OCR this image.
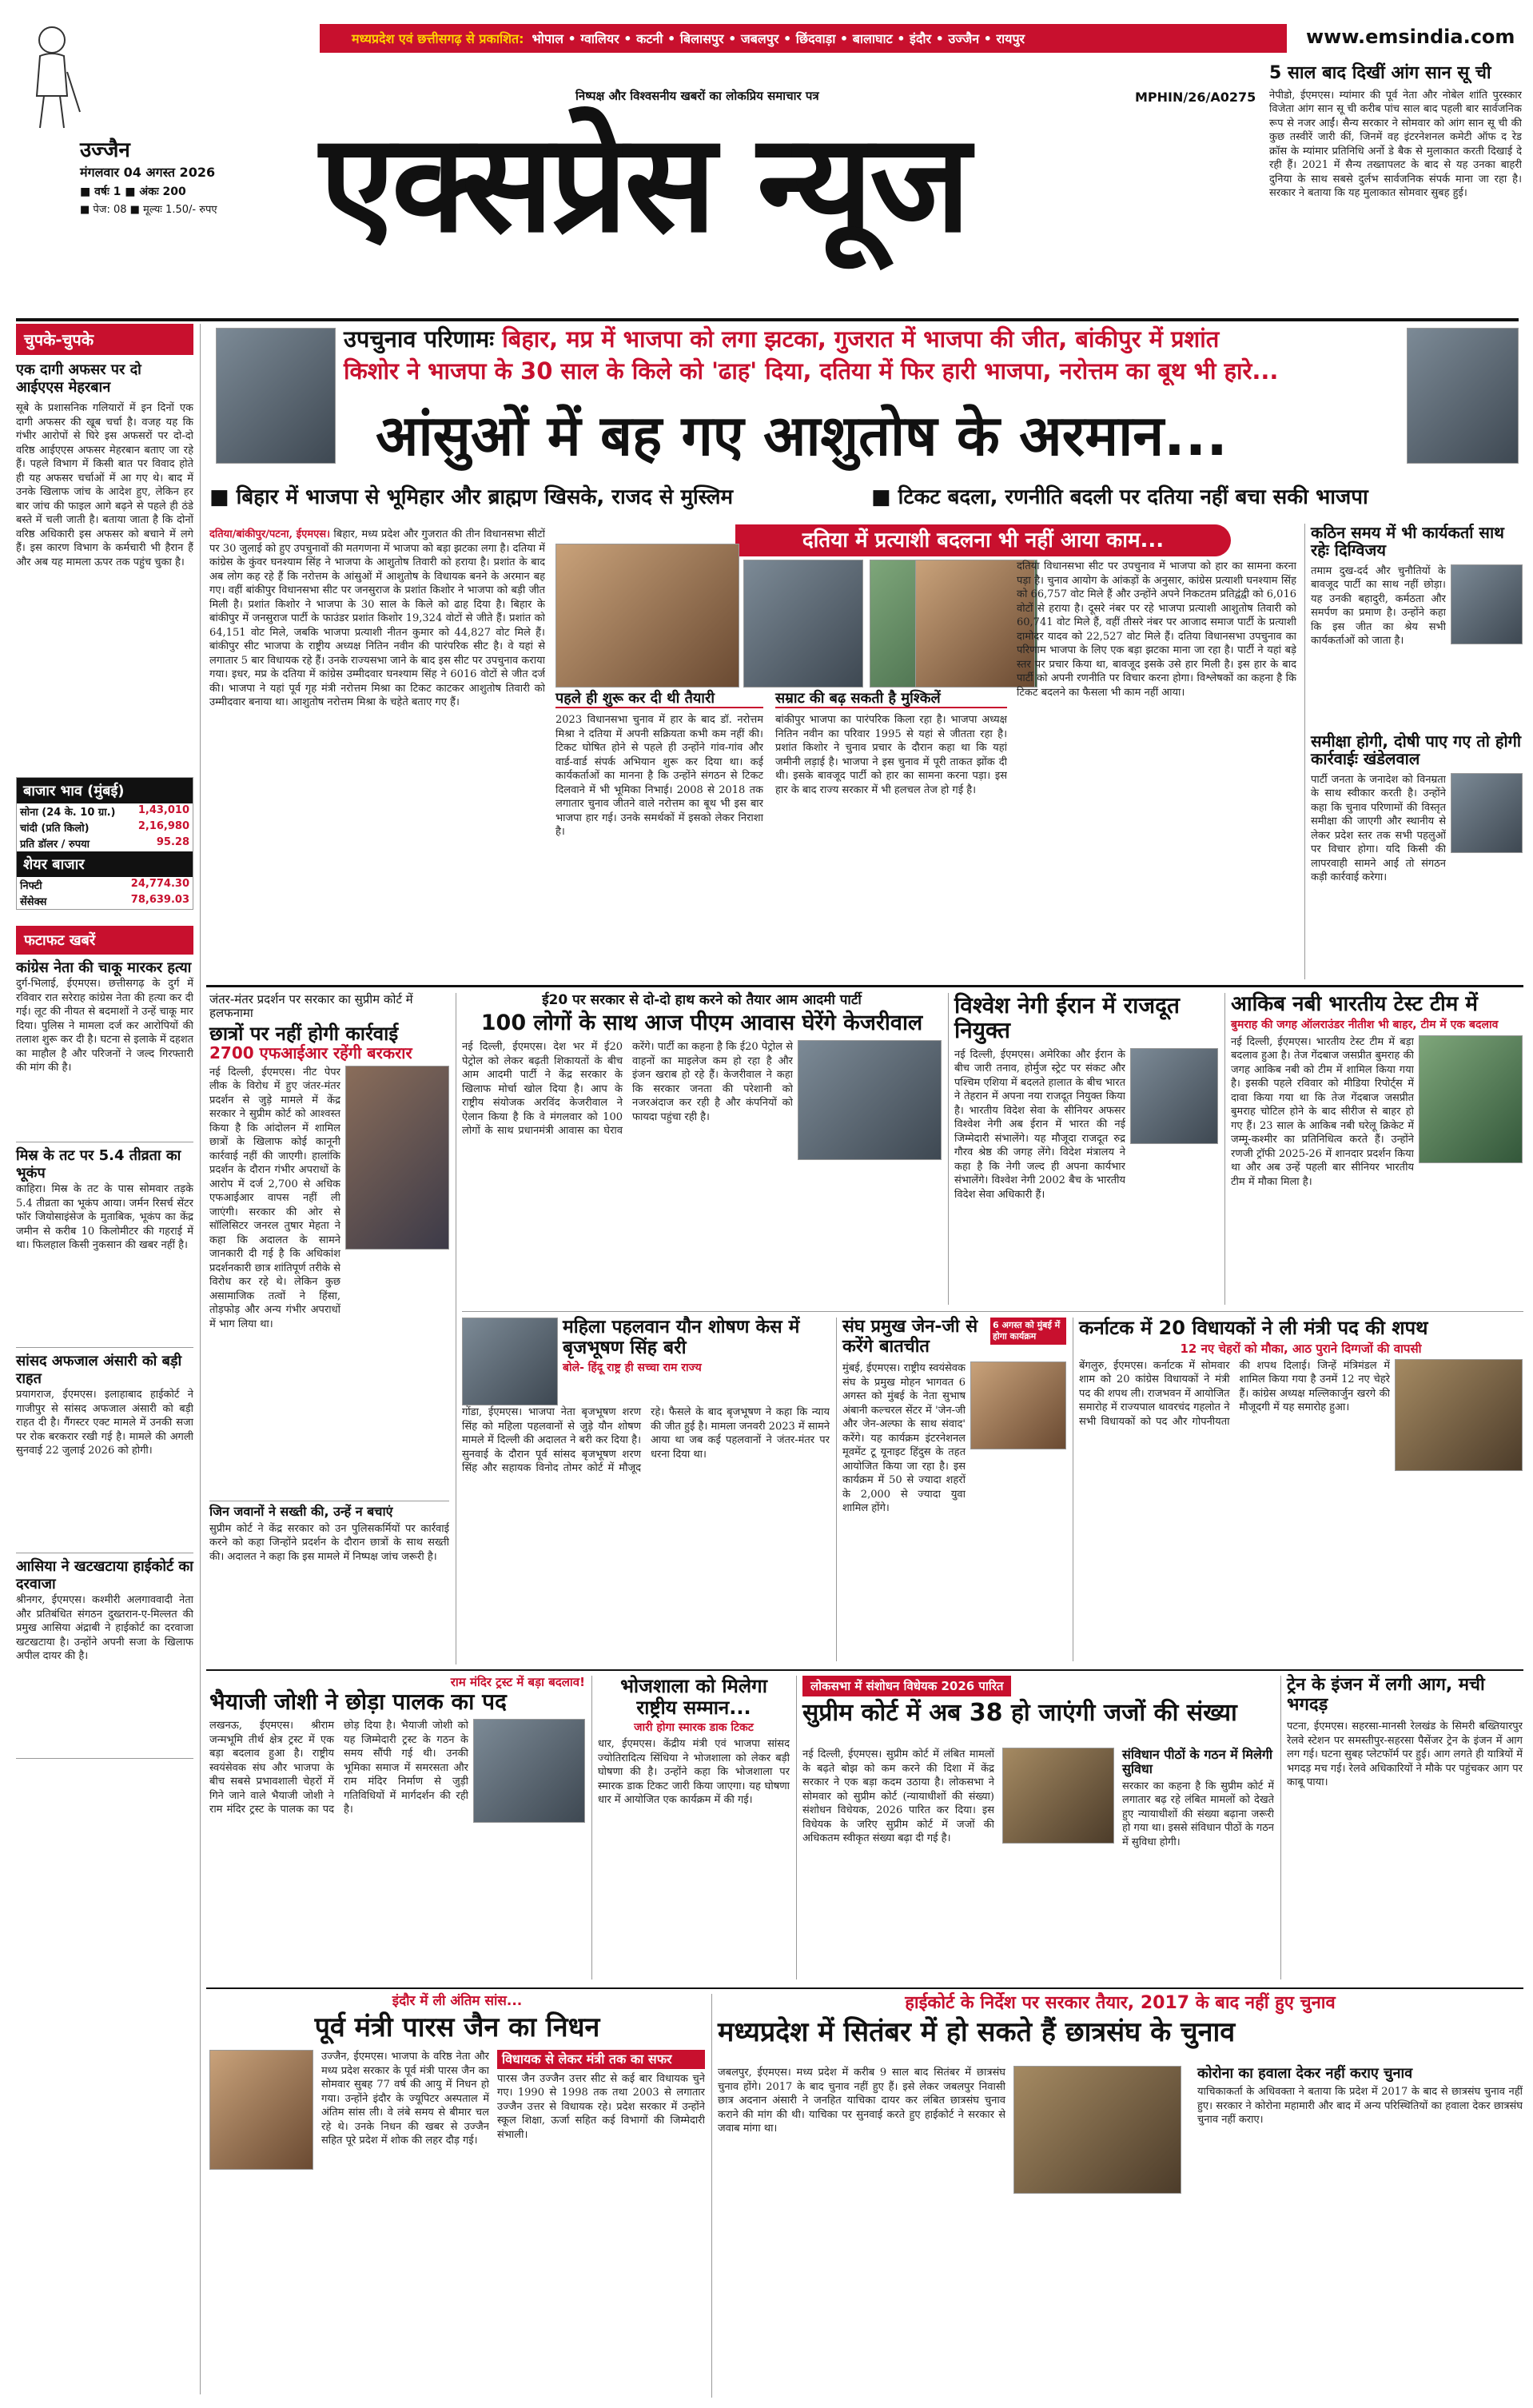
उज्जैन
मंगलवार 04 अगस्त 2026
■ वर्षः 1 ■ अंकः 200
■ पेज: 08 ■ मूल्यः 1.50/- रुपए
मध्यप्रदेश एवं छत्तीसगढ़ से प्रकाशित: भोपाल • ग्वालियर • कटनी • बिलासपुर • जबलपुर • छिंदवाड़ा • बालाघाट • इंदौर • उज्जैन • रायपुर	www.emsindia.com
निष्पक्ष और विश्वसनीय खबरों का लोकप्रिय समाचार पत्र
एक्सप्रेस न्यूज
MPHIN/26/A0275
5 साल बाद दिखीं आंग सान सू ची
नेपीडो, ईएमएस। म्यांमार की पूर्व नेता और नोबेल शांति पुरस्कार विजेता आंग सान सू ची करीब पांच साल बाद पहली बार सार्वजनिक रूप से नजर आईं। सैन्य सरकार ने सोमवार को आंग सान सू ची की कुछ तस्वीरें जारी कीं, जिनमें वह इंटरनेशनल कमेटी ऑफ द रेड क्रॉस के म्यांमार प्रतिनिधि अर्नो डे बैक से मुलाकात करती दिखाई दे रही हैं। 2021 में सैन्य तख्तापलट के बाद से यह उनका बाहरी दुनिया के साथ सबसे दुर्लभ सार्वजनिक संपर्क माना जा रहा है। सरकार ने बताया कि यह मुलाकात सोमवार सुबह हुई।
चुपके-चुपके
एक दागी अफसर पर दो आईएएस मेहरबान
सूबे के प्रशासनिक गलियारों में इन दिनों एक दागी अफसर की खूब चर्चा है। वजह यह कि गंभीर आरोपों से घिरे इस अफसरों पर दो-दो वरिष्ठ आईएएस अफसर मेहरबान बताए जा रहे हैं। पहले विभाग में किसी बात पर विवाद होते ही यह अफसर चर्चाओं में आ गए थे। बाद में उनके खिलाफ जांच के आदेश हुए, लेकिन हर बार जांच की फाइल आगे बढ़ने से पहले ही ठंडे बस्ते में चली जाती है। बताया जाता है कि दोनों वरिष्ठ अधिकारी इस अफसर को बचाने में लगे हैं। इस कारण विभाग के कर्मचारी भी हैरान हैं और अब यह मामला ऊपर तक पहुंच चुका है।
बाजार भाव (मुंबई)
सोना (24 के. 10 ग्रा.) 1,43,010
चांदी (प्रति किलो)	2,16,980
प्रति डॉलर / रुपया	95.28
शेयर बाजार
निफ्टी	24,774.30
सेंसेक्स	78,639.03
फटाफट खबरें
कांग्रेस नेता की चाकू मारकर हत्या
दुर्ग-भिलाई, ईएमएस। छत्तीसगढ़ के दुर्ग में रविवार रात सरेराह कांग्रेस नेता की हत्या कर दी गई। लूट की नीयत से बदमाशों ने उन्हें चाकू मार दिया। पुलिस ने मामला दर्ज कर आरोपियों की तलाश शुरू कर दी है। घटना से इलाके में दहशत का माहौल है और परिजनों ने जल्द गिरफ्तारी की मांग की है।
मिस्र के तट पर 5.4 तीव्रता का भूकंप
काहिरा। मिस्र के तट के पास सोमवार तड़के 5.4 तीव्रता का भूकंप आया। जर्मन रिसर्च सेंटर फॉर जियोसाइंसेज के मुताबिक, भूकंप का केंद्र जमीन से करीब 10 किलोमीटर की गहराई में था। फिलहाल किसी नुकसान की खबर नहीं है।
सांसद अफजाल अंसारी को बड़ी राहत
प्रयागराज, ईएमएस। इलाहाबाद हाईकोर्ट ने गाजीपुर से सांसद अफजाल अंसारी को बड़ी राहत दी है। गैंगस्टर एक्ट मामले में उनकी सजा पर रोक बरकरार रखी गई है। मामले की अगली सुनवाई 22 जुलाई 2026 को होगी।
आसिया ने खटखटाया हाईकोर्ट का दरवाजा
श्रीनगर, ईएमएस। कश्मीरी अलगाववादी नेता और प्रतिबंधित संगठन दुख्तरान-ए-मिल्लत की प्रमुख आसिया अंद्राबी ने हाईकोर्ट का दरवाजा खटखटाया है। उन्होंने अपनी सजा के खिलाफ अपील दायर की है।
उपचुनाव परिणामः बिहार, मप्र में भाजपा को लगा झटका, गुजरात में भाजपा की जीत, बांकीपुर में प्रशांत
किशोर ने भाजपा के 30 साल के किले को 'ढाह' दिया, दतिया में फिर हारी भाजपा, नरोत्तम का बूथ भी हारे...
आंसुओं में बह गए आशुतोष के अरमान...
■ बिहार में भाजपा से भूमिहार और ब्राह्मण खिसके, राजद से मुस्लिम	■ टिकट बदला, रणनीति बदली पर दतिया नहीं बचा सकी भाजपा
दतिया में प्रत्याशी बदलना भी नहीं आया काम...
दतिया/बांकीपुर/पटना, ईएमएस। बिहार, मध्य प्रदेश और गुजरात की तीन विधानसभा सीटों पर 30 जुलाई को हुए उपचुनावों की मतगणना में भाजपा को बड़ा झटका लगा है। दतिया में कांग्रेस के कुंवर घनश्याम सिंह ने भाजपा के आशुतोष तिवारी को हराया है। प्रशांत के बाद अब लोग कह रहे हैं कि नरोत्तम के आंसुओं में आशुतोष के विधायक बनने के अरमान बह गए। वहीं बांकीपुर विधानसभा सीट पर जनसुराज के प्रशांत किशोर ने भाजपा को बड़ी जीत मिली है। प्रशांत किशोर ने भाजपा के 30 साल के किले को ढाह दिया है। बिहार के बांकीपुर में जनसुराज पार्टी के फाउंडर प्रशांत किशोर 19,324 वोटों से जीते हैं। प्रशांत को 64,151 वोट मिले, जबकि भाजपा प्रत्याशी नीतन कुमार को 44,827 वोट मिले हैं। बांकीपुर सीट भाजपा के राष्ट्रीय अध्यक्ष नितिन नवीन की पारंपरिक सीट है। वे यहां से लगातार 5 बार विधायक रहे हैं। उनके राज्यसभा जाने के बाद इस सीट पर उपचुनाव कराया गया। इधर, मप्र के दतिया में कांग्रेस उम्मीदवार घनश्याम सिंह ने 6016 वोटों से जीत दर्ज की। भाजपा ने यहां पूर्व गृह मंत्री नरोत्तम मिश्रा का टिकट काटकर आशुतोष तिवारी को उम्मीदवार बनाया था। आशुतोष नरोत्तम मिश्रा के चहेते बताए गए हैं।	पहले ही शुरू कर दी थी तैयारी
2023 विधानसभा चुनाव में हार के बाद डॉ. नरोत्तम मिश्रा ने दतिया में अपनी सक्रियता कभी कम नहीं की। टिकट घोषित होने से पहले ही उन्होंने गांव-गांव और वार्ड-वार्ड संपर्क अभियान शुरू कर दिया था। कई कार्यकर्ताओं का मानना है कि उन्होंने संगठन से टिकट दिलवाने में भी भूमिका निभाई। 2008 से 2018 तक लगातार चुनाव जीतने वाले नरोत्तम का बूथ भी इस बार भाजपा हार गई। उनके समर्थकों में इसको लेकर निराशा है।
सम्राट की बढ़ सकती है मुश्किलें
बांकीपुर भाजपा का पारंपरिक किला रहा है। भाजपा अध्यक्ष नितिन नवीन का परिवार 1995 से यहां से जीतता रहा है। प्रशांत किशोर ने चुनाव प्रचार के दौरान कहा था कि यहां जमीनी लड़ाई है। भाजपा ने इस चुनाव में पूरी ताकत झोंक दी थी। इसके बावजूद पार्टी को हार का सामना करना पड़ा। इस हार के बाद राज्य सरकार में भी हलचल तेज हो गई है।
दतिया विधानसभा सीट पर उपचुनाव में भाजपा को हार का सामना करना पड़ा है। चुनाव आयोग के आंकड़ों के अनुसार, कांग्रेस प्रत्याशी घनश्याम सिंह को 66,757 वोट मिले हैं और उन्होंने अपने निकटतम प्रतिद्वंद्वी को 6,016 वोटों से हराया है। दूसरे नंबर पर रहे भाजपा प्रत्याशी आशुतोष तिवारी को 60,741 वोट मिले हैं, वहीं तीसरे नंबर पर आजाद समाज पार्टी के प्रत्याशी दामोदर यादव को 22,527 वोट मिले हैं। दतिया विधानसभा उपचुनाव का परिणाम भाजपा के लिए एक बड़ा झटका माना जा रहा है। पार्टी ने यहां बड़े स्तर पर प्रचार किया था, बावजूद इसके उसे हार मिली है। इस हार के बाद पार्टी को अपनी रणनीति पर विचार करना होगा। विश्लेषकों का कहना है कि टिकट बदलने का फैसला भी काम नहीं आया।
कठिन समय में भी कार्यकर्ता साथ रहेः दिग्विजय
तमाम दुख-दर्द और चुनौतियों के बावजूद पार्टी का साथ नहीं छोड़ा। यह उनकी बहादुरी, कर्मठता और समर्पण का प्रमाण है। उन्होंने कहा कि इस जीत का श्रेय सभी कार्यकर्ताओं को जाता है।
समीक्षा होगी, दोषी पाए गए तो होगी कार्रवाईः खंडेलवाल
पार्टी जनता के जनादेश को विनम्रता के साथ स्वीकार करती है। उन्होंने कहा कि चुनाव परिणामों की विस्तृत समीक्षा की जाएगी और स्थानीय से लेकर प्रदेश स्तर तक सभी पहलुओं पर विचार होगा। यदि किसी की लापरवाही सामने आई तो संगठन कड़ी कार्रवाई करेगा।
जंतर-मंतर प्रदर्शन पर सरकार का सुप्रीम कोर्ट में हलफनामा
छात्रों पर नहीं होगी कार्रवाई
2700 एफआईआर रहेंगी बरकरार
नई दिल्ली, ईएमएस। नीट पेपर लीक के विरोध में हुए जंतर-मंतर प्रदर्शन से जुड़े मामले में केंद्र सरकार ने सुप्रीम कोर्ट को आश्वस्त किया है कि आंदोलन में शामिल छात्रों के खिलाफ कोई कानूनी कार्रवाई नहीं की जाएगी। हालांकि प्रदर्शन के दौरान गंभीर अपराधों के आरोप में दर्ज 2,700 से अधिक एफआईआर वापस नहीं ली जाएंगी। सरकार की ओर से सॉलिसिटर जनरल तुषार मेहता ने कहा कि अदालत के सामने जानकारी दी गई है कि अधिकांश प्रदर्शनकारी छात्र शांतिपूर्ण तरीके से विरोध कर रहे थे। लेकिन कुछ असामाजिक तत्वों ने हिंसा, तोड़फोड़ और अन्य गंभीर अपराधों में भाग लिया था।
जिन जवानों ने सख्ती की, उन्हें न बचाएं
सुप्रीम कोर्ट ने केंद्र सरकार को उन पुलिसकर्मियों पर कार्रवाई करने को कहा जिन्होंने प्रदर्शन के दौरान छात्रों के साथ सख्ती की। अदालत ने कहा कि इस मामले में निष्पक्ष जांच जरूरी है।
ई20 पर सरकार से दो-दो हाथ करने को तैयार आम आदमी पार्टी
100 लोगों के साथ आज पीएम आवास घेरेंगे केजरीवाल
नई दिल्ली, ईएमएस। देश भर में ई20 पेट्रोल को लेकर बढ़ती शिकायतों के बीच आम आदमी पार्टी ने केंद्र सरकार के खिलाफ मोर्चा खोल दिया है। आप के राष्ट्रीय संयोजक अरविंद केजरीवाल ने ऐलान किया है कि वे मंगलवार को 100 लोगों के साथ प्रधानमंत्री आवास का घेराव करेंगे। पार्टी का कहना है कि ई20 पेट्रोल से वाहनों का माइलेज कम हो रहा है और इंजन खराब हो रहे हैं। केजरीवाल ने कहा कि सरकार जनता की परेशानी को नजरअंदाज कर रही है और कंपनियों को फायदा पहुंचा रही है।
विश्वेश नेगी ईरान में राजदूत नियुक्त
नई दिल्ली, ईएमएस। अमेरिका और ईरान के बीच जारी तनाव, होर्मुज स्ट्रेट पर संकट और पश्चिम एशिया में बदलते हालात के बीच भारत ने तेहरान में अपना नया राजदूत नियुक्त किया है। भारतीय विदेश सेवा के सीनियर अफसर विश्वेश नेगी अब ईरान में भारत की नई जिम्मेदारी संभालेंगे। यह मौजूदा राजदूत रुद्र गौरव श्रेष्ठ की जगह लेंगे। विदेश मंत्रालय ने कहा है कि नेगी जल्द ही अपना कार्यभार संभालेंगे। विश्वेश नेगी 2002 बैच के भारतीय विदेश सेवा अधिकारी हैं।
आकिब नबी भारतीय टेस्ट टीम में
बुमराह की जगह ऑलराउंडर नीतीश भी बाहर, टीम में एक बदलाव
नई दिल्ली, ईएमएस। भारतीय टेस्ट टीम में बड़ा बदलाव हुआ है। तेज गेंदबाज जसप्रीत बुमराह की जगह आकिब नबी को टीम में शामिल किया गया है। इसकी पहले रविवार को मीडिया रिपोर्ट्स में दावा किया गया था कि तेज गेंदबाज जसप्रीत बुमराह चोटिल होने के बाद सीरीज से बाहर हो गए हैं। 23 साल के आकिब नबी घरेलू क्रिकेट में जम्मू-कश्मीर का प्रतिनिधित्व करते हैं। उन्होंने रणजी ट्रॉफी 2025-26 में शानदार प्रदर्शन किया था और अब उन्हें पहली बार सीनियर भारतीय टीम में मौका मिला है।
महिला पहलवान यौन शोषण केस में बृजभूषण सिंह बरी
बोले- हिंदू राष्ट्र ही सच्चा राम राज्य
गोंडा, ईएमएस। भाजपा नेता बृजभूषण शरण सिंह को महिला पहलवानों से जुड़े यौन शोषण मामले में दिल्ली की अदालत ने बरी कर दिया है। सुनवाई के दौरान पूर्व सांसद बृजभूषण शरण सिंह और सहायक विनोद तोमर कोर्ट में मौजूद रहे। फैसले के बाद बृजभूषण ने कहा कि न्याय की जीत हुई है। मामला जनवरी 2023 में सामने आया था जब कई पहलवानों ने जंतर-मंतर पर धरना दिया था।
संघ प्रमुख जेन-जी से करेंगे बातचीत
6 अगस्त को मुंबई में होगा कार्यक्रम
मुंबई, ईएमएस। राष्ट्रीय स्वयंसेवक संघ के प्रमुख मोहन भागवत 6 अगस्त को मुंबई के नेता सुभाष अंबानी कल्चरल सेंटर में 'जेन-जी और जेन-अल्फा के साथ संवाद' करेंगे। यह कार्यक्रम इंटरनेशनल मूवमेंट टू यूनाइट हिंदुस के तहत आयोजित किया जा रहा है। इस कार्यक्रम में 50 से ज्यादा शहरों के 2,000 से ज्यादा युवा शामिल होंगे।
कर्नाटक में 20 विधायकों ने ली मंत्री पद की शपथ
12 नए चेहरों को मौका, आठ पुराने दिग्गजों की वापसी
बेंगलुरु, ईएमएस। कर्नाटक में सोमवार शाम को 20 कांग्रेस विधायकों ने मंत्री पद की शपथ ली। राजभवन में आयोजित समारोह में राज्यपाल थावरचंद गहलोत ने सभी विधायकों को पद और गोपनीयता की शपथ दिलाई। जिन्हें मंत्रिमंडल में शामिल किया गया है उनमें 12 नए चेहरे हैं। कांग्रेस अध्यक्ष मल्लिकार्जुन खरगे की मौजूदगी में यह समारोह हुआ।
राम मंदिर ट्रस्ट में बड़ा बदलाव!
भैयाजी जोशी ने छोड़ा पालक का पद
लखनऊ, ईएमएस। श्रीराम जन्मभूमि तीर्थ क्षेत्र ट्रस्ट में एक बड़ा बदलाव हुआ है। राष्ट्रीय स्वयंसेवक संघ और भाजपा के बीच सबसे प्रभावशाली चेहरों में गिने जाने वाले भैयाजी जोशी ने राम मंदिर ट्रस्ट के पालक का पद छोड़ दिया है। भैयाजी जोशी को यह जिम्मेदारी ट्रस्ट के गठन के समय सौंपी गई थी। उनकी भूमिका समाज में समरसता और राम मंदिर निर्माण से जुड़ी गतिविधियों में मार्गदर्शन की रही है।
भोजशाला को मिलेगा राष्ट्रीय सम्मान...
जारी होगा स्मारक डाक टिकट
धार, ईएमएस। केंद्रीय मंत्री एवं भाजपा सांसद ज्योतिरादित्य सिंधिया ने भोजशाला को लेकर बड़ी घोषणा की है। उन्होंने कहा कि भोजशाला पर स्मारक डाक टिकट जारी किया जाएगा। यह घोषणा धार में आयोजित एक कार्यक्रम में की गई।
लोकसभा में संशोधन विधेयक 2026 पारित
सुप्रीम कोर्ट में अब 38 हो जाएंगी जजों की संख्या
नई दिल्ली, ईएमएस। सुप्रीम कोर्ट में लंबित मामलों के बढ़ते बोझ को कम करने की दिशा में केंद्र सरकार ने एक बड़ा कदम उठाया है। लोकसभा ने सोमवार को सुप्रीम कोर्ट (न्यायाधीशों की संख्या) संशोधन विधेयक, 2026 पारित कर दिया। इस विधेयक के जरिए सुप्रीम कोर्ट में जजों की अधिकतम स्वीकृत संख्या बढ़ा दी गई है।
संविधान पीठों के गठन में मिलेगी सुविधा
सरकार का कहना है कि सुप्रीम कोर्ट में लगातार बढ़ रहे लंबित मामलों को देखते हुए न्यायाधीशों की संख्या बढ़ाना जरूरी हो गया था। इससे संविधान पीठों के गठन में सुविधा होगी।
ट्रेन के इंजन में लगी आग, मची भगदड़
पटना, ईएमएस। सहरसा-मानसी रेलखंड के सिमरी बख्तियारपुर रेलवे स्टेशन पर समस्तीपुर-सहरसा पैसेंजर ट्रेन के इंजन में आग लग गई। घटना सुबह प्लेटफॉर्म पर हुई। आग लगते ही यात्रियों में भगदड़ मच गई। रेलवे अधिकारियों ने मौके पर पहुंचकर आग पर काबू पाया।
इंदौर में ली अंतिम सांस...
पूर्व मंत्री पारस जैन का निधन
उज्जैन, ईएमएस। भाजपा के वरिष्ठ नेता और मध्य प्रदेश सरकार के पूर्व मंत्री पारस जैन का सोमवार सुबह 77 वर्ष की आयु में निधन हो गया। उन्होंने इंदौर के ज्यूपिटर अस्पताल में अंतिम सांस ली। वे लंबे समय से बीमार चल रहे थे। उनके निधन की खबर से उज्जैन सहित पूरे प्रदेश में शोक की लहर दौड़ गई।
विधायक से लेकर मंत्री तक का सफर
पारस जैन उज्जैन उत्तर सीट से कई बार विधायक चुने गए। 1990 से 1998 तक तथा 2003 से लगातार उज्जैन उत्तर से विधायक रहे। प्रदेश सरकार में उन्होंने स्कूल शिक्षा, ऊर्जा सहित कई विभागों की जिम्मेदारी संभाली।
हाईकोर्ट के निर्देश पर सरकार तैयार, 2017 के बाद नहीं हुए चुनाव
मध्यप्रदेश में सितंबर में हो सकते हैं छात्रसंघ के चुनाव
जबलपुर, ईएमएस। मध्य प्रदेश में करीब 9 साल बाद सितंबर में छात्रसंघ चुनाव होंगे। 2017 के बाद चुनाव नहीं हुए हैं। इसे लेकर जबलपुर निवासी छात्र अदनान अंसारी ने जनहित याचिका दायर कर लंबित छात्रसंघ चुनाव कराने की मांग की थी। याचिका पर सुनवाई करते हुए हाईकोर्ट ने सरकार से जवाब मांगा था।
कोरोना का हवाला देकर नहीं कराए चुनाव
याचिकाकर्ता के अधिवक्ता ने बताया कि प्रदेश में 2017 के बाद से छात्रसंघ चुनाव नहीं हुए। सरकार ने कोरोना महामारी और बाद में अन्य परिस्थितियों का हवाला देकर छात्रसंघ चुनाव नहीं कराए।
